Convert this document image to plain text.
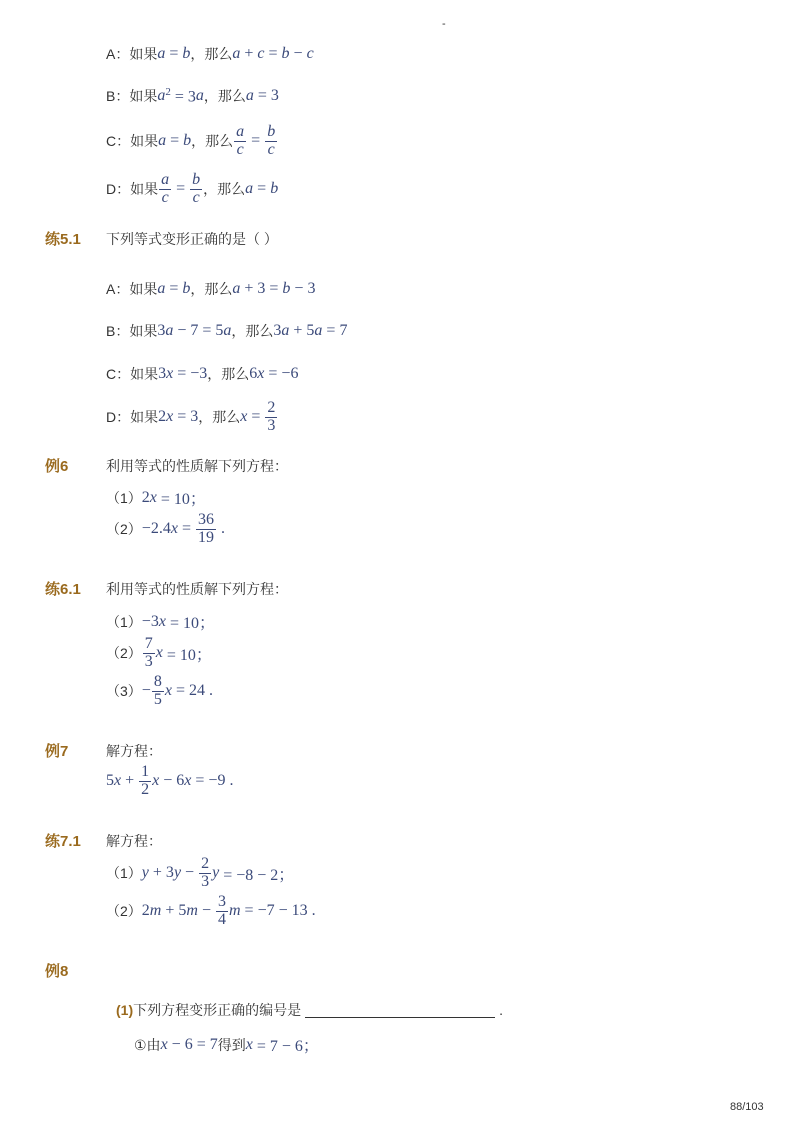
-
A： 如果 a = b ，那么 a + c = b − c
B： 如果 a $^2$ = 3 a ，那么 a = 3
C： 如果 a = b ，那么 $\frac{a}{c} = \frac{b}{c}$
D： 如果 $\frac{a}{c} = \frac{b}{c}$ ，那么 a = b
练5.1 下列等式变形正确的是（ ）
A： 如果 a = b ，那么 a + 3 = b − 3
B： 如果 3 a − 7 = 5 a ，那么 3 a + 5 a = 7
C： 如果 3 x = −3 ，那么 6 x = −6
D： 如果 2 x = 3 ，那么 $x = \frac{2}{3}$
例6	利用等式的性质解下列方程：
（1） 2 x = 10；
（2） −2.4 $x = \frac{36}{19}$ .
练6.1 利用等式的性质解下列方程：
（1） −3 x = 10；
$(2) \frac{7}{3}$ x = 10；
$(3) - \frac{8}{5}$ x = 24 .
例7	解方程：
5 $x + \frac{1}{2}$ x − 6 x = −9 .
练7.1 解方程：
（1） y + 3 $y - \frac{2}{3}$ y = −8 − 2；
（2） 2 m + 5 $m - \frac{3}{4}$ m = −7 − 13 .
例8
(1) 下列方程变形正确的编号是	.
①由 x − 6 = 7 得到 x = 7 − 6；
88/103
